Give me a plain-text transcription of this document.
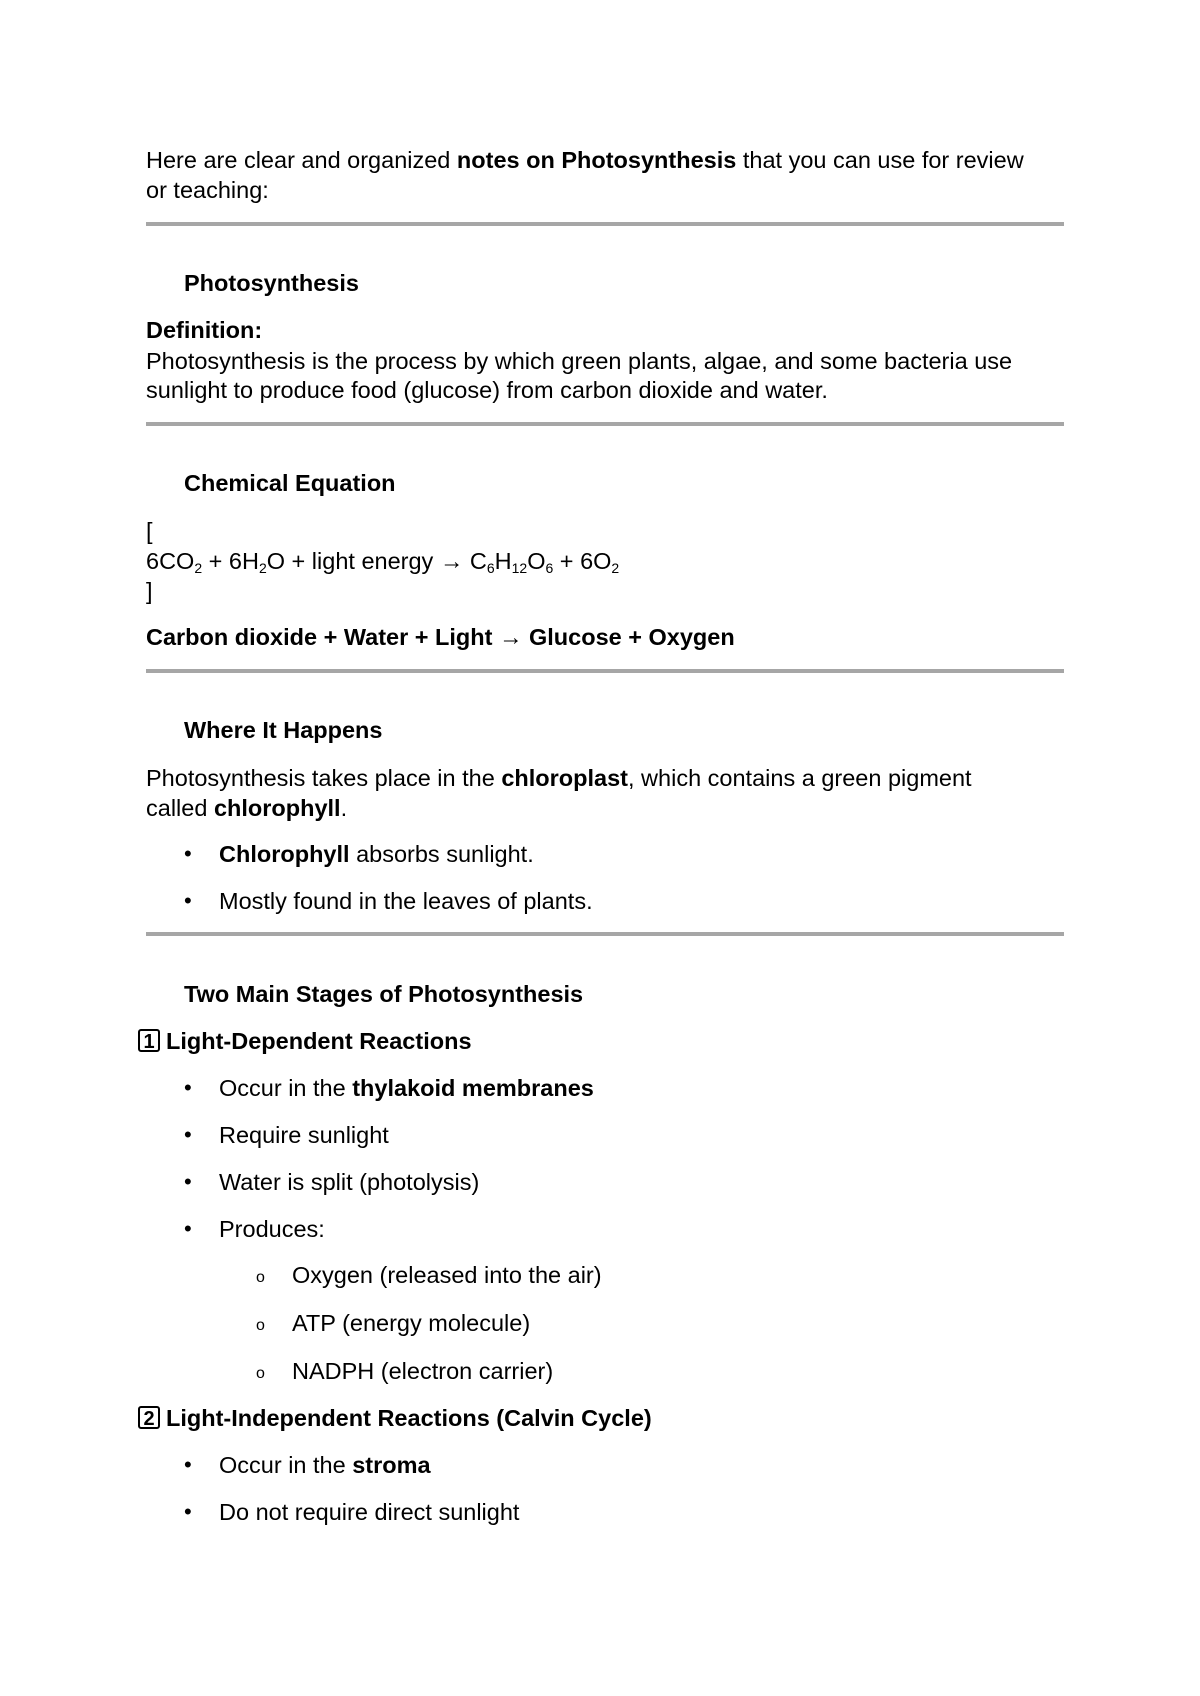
Here are clear and organized notes on Photosynthesis that you can use for review
or teaching:
Photosynthesis
Definition:
Photosynthesis is the process by which green plants, algae, and some bacteria use
sunlight to produce food (glucose) from carbon dioxide and water.
Chemical Equation
[
$6CO_2 + 6H_2O$ + light energy → $C_6H_{12}O_6 + 6O_2$
]
Carbon dioxide + Water + Light → Glucose + Oxygen
Where It Happens
Photosynthesis takes place in the chloroplast, which contains a green pigment
called chlorophyll.
• Chlorophyll absorbs sunlight.
• Mostly found in the leaves of plants.
Two Main Stages of Photosynthesis
1 Light-Dependent Reactions
• Occur in the thylakoid membranes
• Require sunlight
• Water is split (photolysis)
• Produces:
o Oxygen (released into the air)
o ATP (energy molecule)
o NADPH (electron carrier)
2 Light-Independent Reactions (Calvin Cycle)
• Occur in the stroma
• Do not require direct sunlight
